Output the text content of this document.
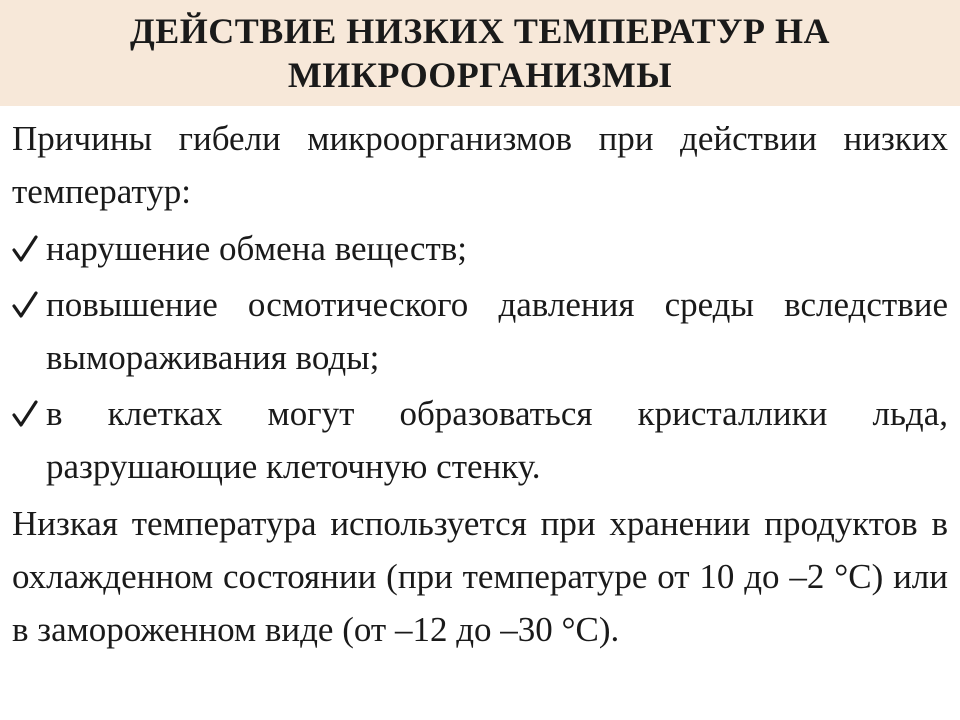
ДЕЙСТВИЕ НИЗКИХ ТЕМПЕРАТУР НА
МИКРООРГАНИЗМЫ

Причины гибели микроорганизмов при действии низких температур:

нарушение обмена веществ;
повышение осмотического давления среды вследствие вымораживания воды;
в клетках могут образоваться кристаллики льда, разрушающие клеточную стенку.

Низкая температура используется при хранении продуктов в охлажденном состоянии (при температуре от 10 до –2 °С) или в замороженном виде (от –12 до –30 °С).
